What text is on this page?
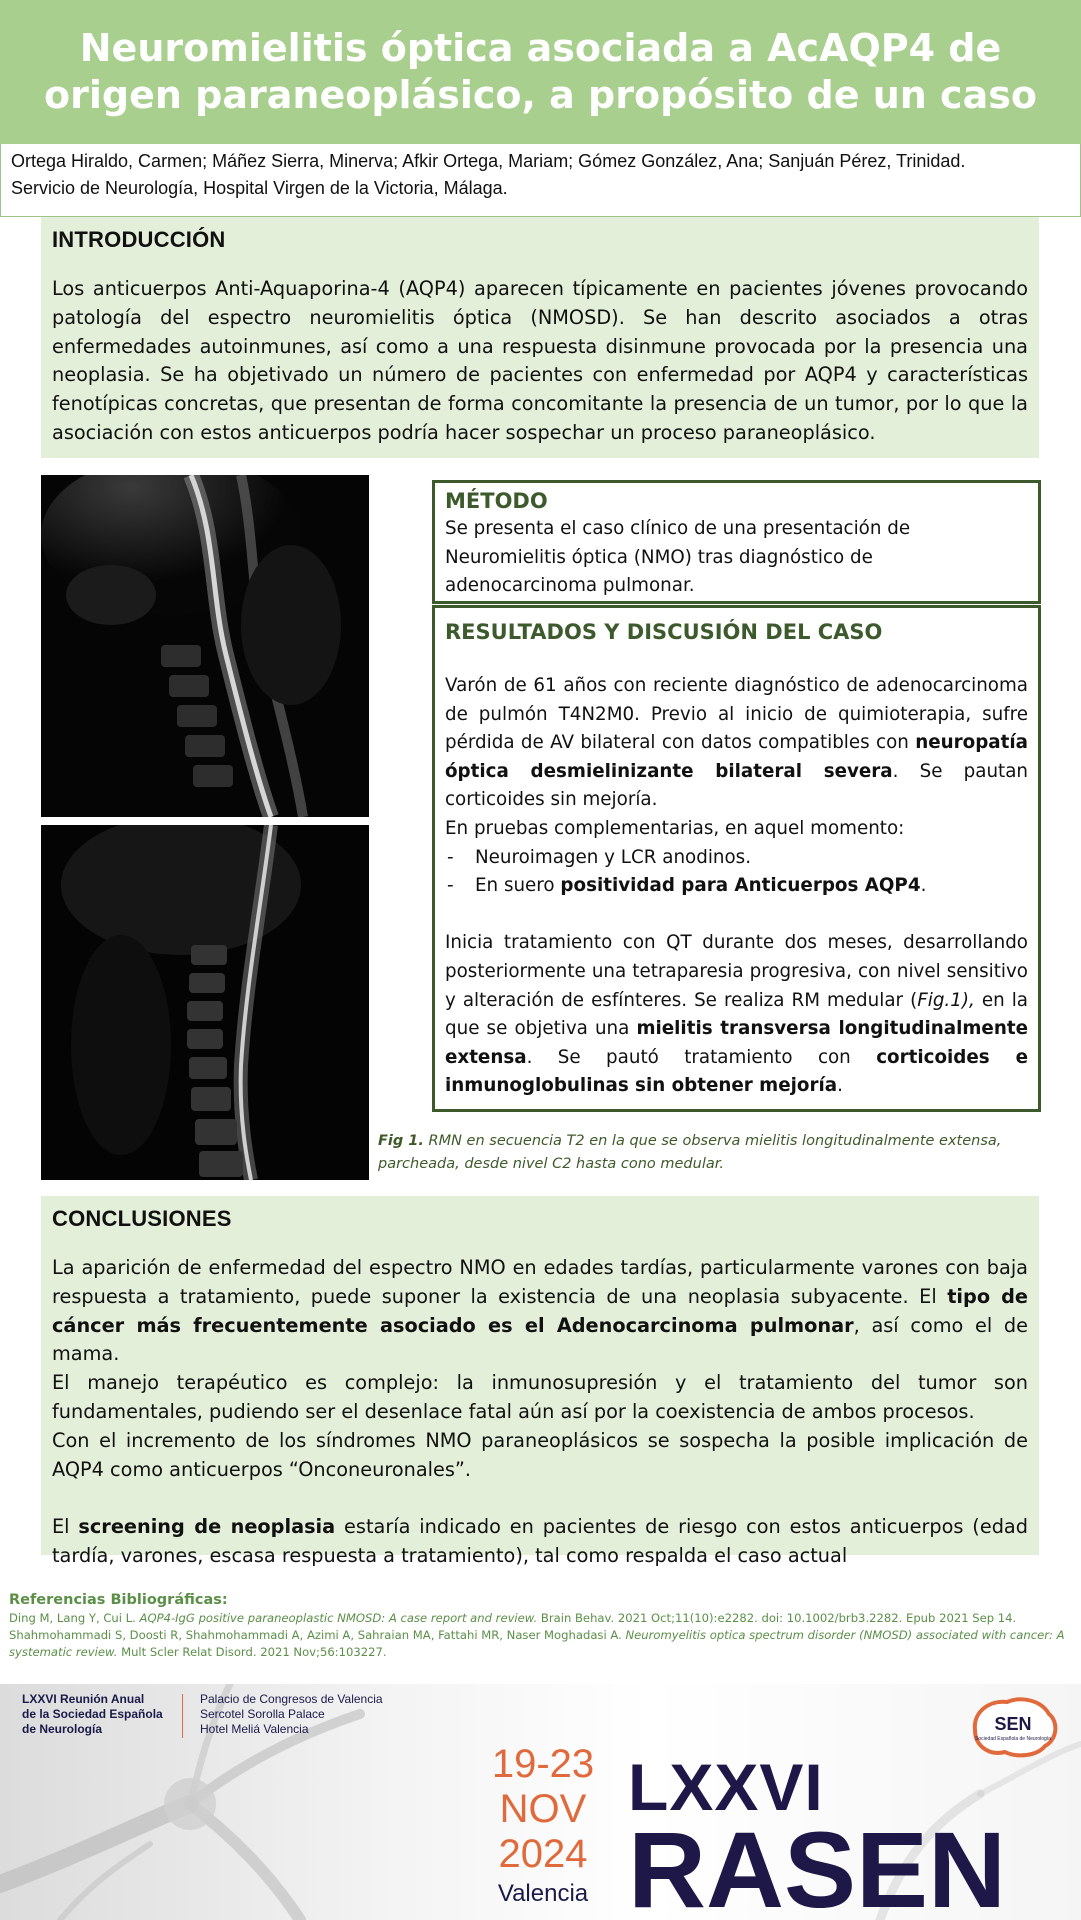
Neuromielitis óptica asociada a AcAQP4 de origen paraneoplásico, a propósito de un caso
Ortega Hiraldo, Carmen; Máñez Sierra, Minerva; Afkir Ortega, Mariam; Gómez González, Ana; Sanjuán Pérez, Trinidad.
Servicio de Neurología, Hospital Virgen de la Victoria, Málaga.
INTRODUCCIÓN

Los anticuerpos Anti-Aquaporina-4 (AQP4) aparecen típicamente en pacientes jóvenes provocando patología del espectro neuromielitis óptica (NMOSD). Se han descrito asociados a otras enfermedades autoinmunes, así como a una respuesta disinmune provocada por la presencia una neoplasia. Se ha objetivado un número de pacientes con enfermedad por AQP4 y características fenotípicas concretas, que presentan de forma concomitante la presencia de un tumor, por lo que la asociación con estos anticuerpos podría hacer sospechar un proceso paraneoplásico.

MÉTODO

Se presenta el caso clínico de una presentación de Neuromielitis óptica (NMO) tras diagnóstico de adenocarcinoma pulmonar.

RESULTADOS Y DISCUSIÓN DEL CASO

Varón de 61 años con reciente diagnóstico de adenocarcinoma de pulmón T4N2M0. Previo al inicio de quimioterapia, sufre pérdida de AV bilateral con datos compatibles con neuropatía óptica desmielinizante bilateral severa. Se pautan corticoides sin mejoría.

En pruebas complementarias, en aquel momento:

- Neuroimagen y LCR anodinos.
- En suero positividad para Anticuerpos AQP4.

Inicia tratamiento con QT durante dos meses, desarrollando posteriormente una tetraparesia progresiva, con nivel sensitivo y alteración de esfínteres. Se realiza RM medular (Fig.1), en la que se objetiva una mielitis transversa longitudinalmente extensa. Se pautó tratamiento con corticoides e inmunoglobulinas sin obtener mejoría.

Fig 1. RMN en secuencia T2 en la que se observa mielitis longitudinalmente extensa, parcheada, desde nivel C2 hasta cono medular.
CONCLUSIONES

La aparición de enfermedad del espectro NMO en edades tardías, particularmente varones con baja respuesta a tratamiento, puede suponer la existencia de una neoplasia subyacente. El tipo de cáncer más frecuentemente asociado es el Adenocarcinoma pulmonar, así como el de mama.

El manejo terapéutico es complejo: la inmunosupresión y el tratamiento del tumor son fundamentales, pudiendo ser el desenlace fatal aún así por la coexistencia de ambos procesos.

Con el incremento de los síndromes NMO paraneoplásicos se sospecha la posible implicación de AQP4 como anticuerpos “Onconeuronales”.

El screening de neoplasia estaría indicado en pacientes de riesgo con estos anticuerpos (edad tardía, varones, escasa respuesta a tratamiento), tal como respalda el caso actual

Referencias Bibliográficas:

Ding M, Lang Y, Cui L. AQP4-IgG positive paraneoplastic NMOSD: A case report and review. Brain Behav. 2021 Oct;11(10):e2282. doi: 10.1002/brb3.2282. Epub 2021 Sep 14.
Shahmohammadi S, Doosti R, Shahmohammadi A, Azimi A, Sahraian MA, Fattahi MR, Naser Moghadasi A. Neuromyelitis optica spectrum disorder (NMOSD) associated with cancer: A systematic review. Mult Scler Relat Disord. 2021 Nov;56:103227.

LXXVI Reunión Anual
de la Sociedad Española
de Neurología
Palacio de Congresos de Valencia
Sercotel Sorolla Palace
Hotel Meliá Valencia
19-23
NOV
2024
Valencia
LXXVI
RASEN
SEN
Sociedad Española de Neurología
